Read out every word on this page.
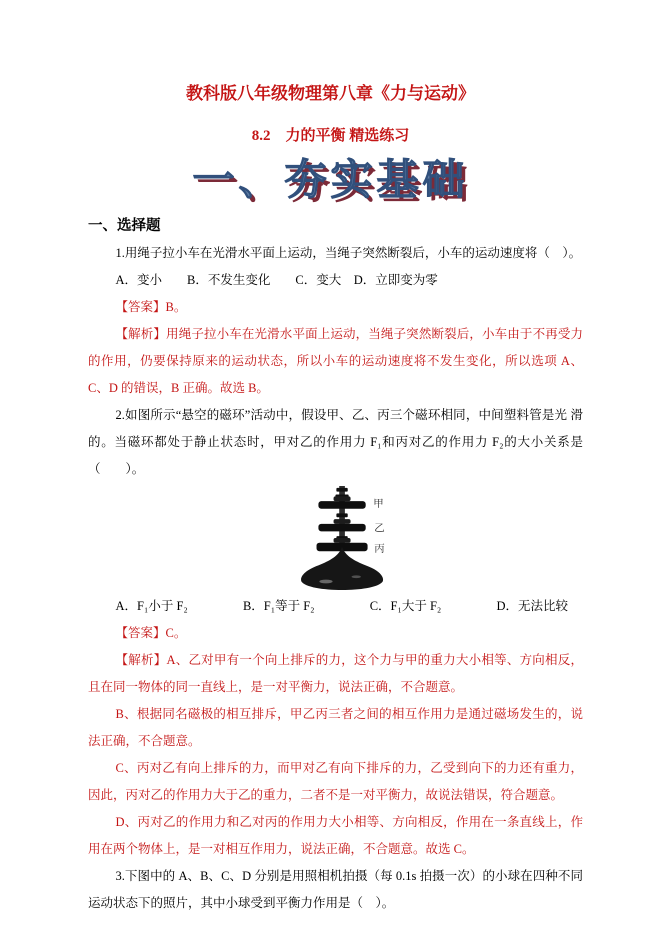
教科版八年级物理第八章《力与运动》
8.2　力的平衡 精选练习
一、夯实基础
一、选择题

1.用绳子拉小车在光滑水平面上运动，当绳子突然断裂后，小车的运动速度将（　）。

A．变小　　B．不发生变化　　C．变大　D．立即变为零

【答案】B。

【解析】用绳子拉小车在光滑水平面上运动，当绳子突然断裂后，小车由于不再受力的作用，仍要保持原来的运动状态，所以小车的运动速度将不发生变化，所以选项 A、C、D 的错误，B 正确。故选 B。

2.如图所示“悬空的磁环”活动中，假设甲、乙、丙三个磁环相同，中间塑料管是光 滑的。当磁环都处于静止状态时，甲对乙的作用力 F₁和丙对乙的作用力 F₂的大小关系是（　　）。

甲
乙
丙
A．F₁小于 F₂	B．F₁等于 F₂	C．F₁大于 F₂	D．无法比较

【答案】C。

【解析】A、乙对甲有一个向上排斥的力，这个力与甲的重力大小相等、方向相反，且在同一物体的同一直线上，是一对平衡力，说法正确，不合题意。

B、根据同名磁极的相互排斥，甲乙丙三者之间的相互作用力是通过磁场发生的，说法正确，不合题意。

C、丙对乙有向上排斥的力，而甲对乙有向下排斥的力，乙受到向下的力还有重力，因此，丙对乙的作用力大于乙的重力，二者不是一对平衡力，故说法错误，符合题意。

D、丙对乙的作用力和乙对丙的作用力大小相等、方向相反，作用在一条直线上，作用在两个物体上，是一对相互作用力，说法正确，不合题意。故选 C。

3.下图中的 A、B、C、D 分别是用照相机拍摄（每 0.1s 拍摄一次）的小球在四种不同运动状态下的照片，其中小球受到平衡力作用是（　）。
